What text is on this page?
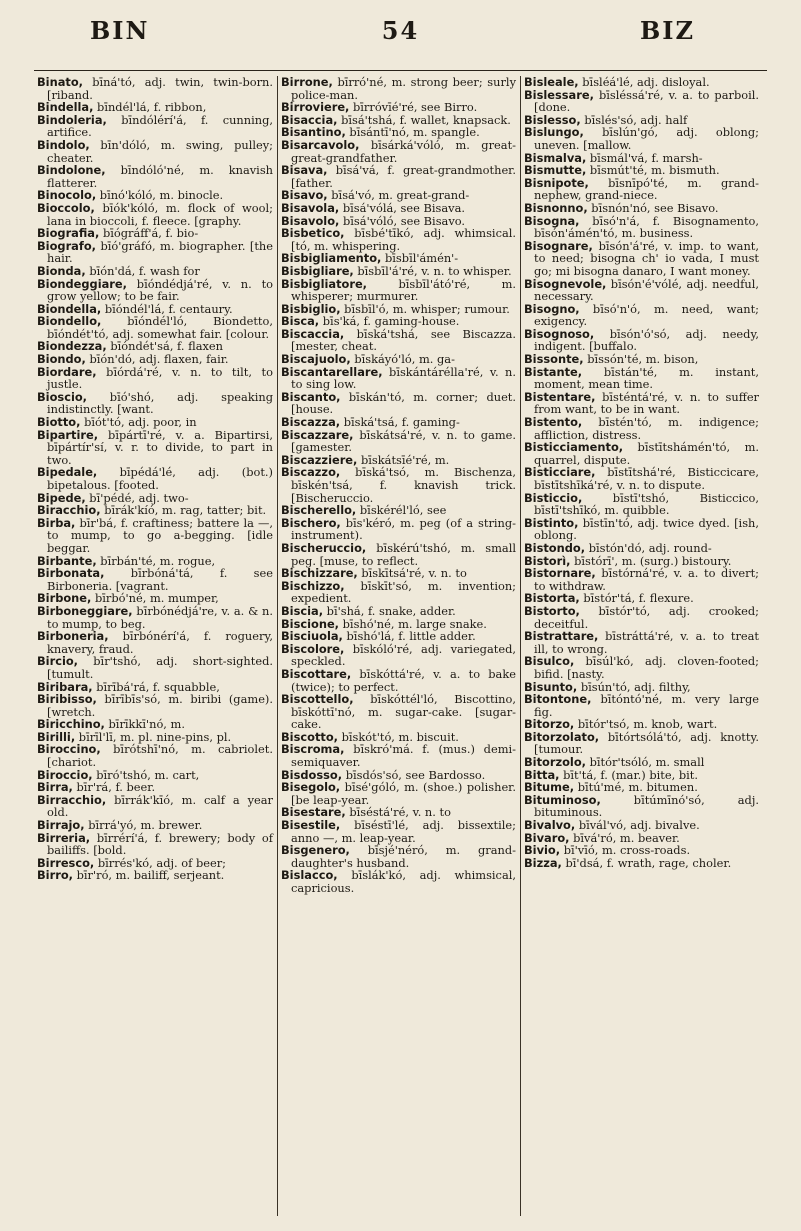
BIN	54	BIZ
Binato, bīná'tó, adj. twin, twin-born. [riband.
Bindella, bīndél'lá, f. ribbon,
Bindoleria, bīndólérí'á, f. cunning, artifice.
Bindolo, bīn'dóló, m. swing, pulley; cheater.
Bindolone, bīndóló'né, m. knavish flatterer.
Binocolo, bīnó'kóló, m. binocle.
Bioccolo, bīók'kóló, m. flock of wool; lana in bioccoli, f. fleece. [graphy.
Biografia, bīógráff'á, f. bio-
Biografo, bīó'gráfó, m. biographer. [the hair.
Bionda, bīón'dá, f. wash for
Biondeggiare, bīóndédjá'ré, v. n. to grow yellow; to be fair.
Biondella, bīóndél'lá, f. centaury.
Biondello, bīóndél'ló, Biondetto, bīóndét'tó, adj. somewhat fair. [colour.
Biondezza, bīóndét'sá, f. flaxen
Biondo, bīón'dó, adj. flaxen, fair.
Biordare, bīórdá'ré, v. n. to tilt, to justle.
Bioscio, bīó'shó, adj. speaking indistinctly. [want.
Biotto, bīót'tó, adj. poor, in
Bipartire, bīpártī'ré, v. a. Bipartirsi, bīpártír'sí, v. r. to divide, to part in two.
Bipedale, bīpédá'lé, adj. (bot.) bipetalous. [footed.
Bipede, bī'pédé, adj. two-
Biracchio, bīrák'kíó, m. rag, tatter; bit.
Birba, bīr'bá, f. craftiness; battere la —, to mump, to go a-begging. [idle beggar.
Birbante, bīrbán'té, m. rogue,
Birbonata, bīrbóná'tá, f. see Birboneria. [vagrant.
Birbone, bīrbó'né, m. mumper,
Birboneggiare, bīrbónédjá're, v. a. & n. to mump, to beg.
Birboneria, bīrbónérí'á, f. roguery, knavery, fraud.
Bircio, bīr'tshó, adj. short-sighted. [tumult.
Biribara, bīrībá'rá, f. squabble,
Biribisso, bīrībīs'só, m. biribi (game). [wretch.
Biricchino, bīrīkkī'nó, m.
Birilli, bīrīl'lī, m. pl. nine-pins, pl.
Biroccino, bīrótshī'nó, m. cabriolet. [chariot.
Biroccio, bīró'tshó, m. cart,
Birra, bīr'rá, f. beer.
Birracchio, bīrrák'kīó, m. calf a year old.
Birrajo, bīrrá'yó, m. brewer.
Birreria, bīrrérí'á, f. brewery; body of bailiffs. [bold.
Birresco, bīrrés'kó, adj. of beer;
Birro, bīr'ró, m. bailiff, serjeant.
Birrone, bīrró'né, m. strong beer; surly police-man.
Birroviere, bīrróvīé'ré, see Birro.
Bisaccia, bīsá'tshá, f. wallet, knapsack.
Bisantino, bīsántī'nó, m. spangle.
Bisarcavolo, bīsárká'vóló, m. great-great-grandfather.
Bisava, bīsá'vá, f. great-grandmother. [father.
Bisavo, bīsá'vó, m. great-grand-
Bisavola, bīsá'vólá, see Bisava.
Bisavolo, bīsá'vóló, see Bisavo.
Bisbetico, bīsbé'tīkó, adj. whimsical. [tó, m. whispering.
Bisbigliamento, bīsbīl'ámén'-
Bisbigliare, bīsbīl'á'ré, v. n. to whisper.
Bisbigliatore,	bīsbīl'átó'ré, m. whisperer; murmurer.
Bisbiglio, bīsbīl'ó, m. whisper; rumour.
Bisca, bīs'ká, f. gaming-house.
Biscaccia, bīská'tshá, see Biscazza. [mester, cheat.
Biscajuolo, bīskáyó'ló, m. ga-
Biscantarellare, bīskántárélla'ré, v. n. to sing low.
Biscanto, bīskán'tó, m. corner; duet. [house.
Biscazza, bīská'tsá, f. gaming-
Biscazzare, bīskátsá'ré, v. n. to game. [gamester.
Biscazziere, bīskátsīé'ré, m.
Biscazzo, bīská'tsó, m. Bischenza, bīskén'tsá, f. knavish trick. [Bischeruccio.
Bischerello, bīskérél'ló, see
Bischero, bīs'kéró, m. peg (of a string-instrument).
Bischeruccio, bīskérú'tshó, m. small peg. [muse, to reflect.
Bischizzare, bīskītsá'ré, v. n. to
Bischizzo, bīskīt'só, m. invention; expedient.
Biscia, bī'shá, f. snake, adder.
Biscione, bīshó'né, m. large snake.
Bisciuola, bīshó'lá, f. little adder.
Biscolore, bīskóló'ré, adj. variegated, speckled.
Biscottare, bīskóttá'ré, v. a. to bake (twice); to perfect.
Biscottello, bīskóttél'ló, Biscottino, bīskóttī'nó, m. sugar-cake. [sugar-cake.
Biscotto, bīskót'tó, m. biscuit.
Biscroma, bīskró'má. f. (mus.) demi-semiquaver.
Bisdosso, bīsdós'só, see Bardosso.
Bisegolo, bīsé'góló, m. (shoe.) polisher. [be leap-year.
Bisestare, bīséstá'ré, v. n. to
Bisestile, bīséstī'lé, adj. bissextile; anno —, m. leap-year.
Bisgenero, bīsjé'néró, m. grand-daughter's husband.
Bislacco, bīslák'kó, adj. whimsical, capricious.
Bisleale, bīsléá'lé, adj. disloyal.
Bislessare, bīsléssá'ré, v. a. to parboil. [done.
Bislesso, bīslés'só, adj. half
Bislungo, bīslún'gó, adj. oblong; uneven. [mallow.
Bismalva, bīsmál'vá, f. marsh-
Bismutte, bīsmút'té, m. bismuth.
Bisnipote, bīsnīpó'té, m. grand-nephew, grand-niece.
Bisnonno, bīsnón'nó, see Bisavo.
Bisogna, bīsó'n'á, f. Bisognamento, bīsón'ámén'tó, m. business.
Bisognare, bīsón'á'ré, v. imp. to want, to need; bisogna ch' io vada, I must go; mi bisogna danaro, I want money.
Bisognevole, bīsón'é'vólé, adj. needful, necessary.
Bisogno, bīsó'n'ó, m. need, want; exigency.
Bisognoso, bīsón'ó'só, adj. needy, indigent. [buffalo.
Bissonte, bīssón'té, m. bison,
Bistante, bīstán'té, m. instant, moment, mean time.
Bistentare, bīsténtá'ré, v. n. to suffer from want, to be in want.
Bistento, bīstén'tó, m. indigence; affliction, distress.
Bisticciamento, bīstītshámén'tó, m. quarrel, dispute.
Bisticciare, bīstītshá'ré, Bisticcicare, bīstītshīká'ré, v. n. to dispute.
Bisticcio,	bīstī'tshó, Bisticcico, bīstī'tshīkó, m. quibble.
Bistinto, bīstīn'tó, adj. twice dyed. [ish, oblong.
Bistondo, bīstón'dó, adj. round-
Bistorì, bīstórī', m. (surg.) bistoury.
Bistornare, bīstórná'ré, v. a. to divert; to withdraw.
Bistorta, bīstór'tá, f. flexure.
Bistorto, bīstór'tó, adj. crooked; deceitful.
Bistrattare, bīstráttá'ré, v. a. to treat ill, to wrong.
Bisulco, bīsúl'kó, adj. cloven-footed; bifid. [nasty.
Bisunto, bīsún'tó, adj. filthy,
Bitontone, bītóntó'né, m. very large fig.
Bitorzo, bītór'tsó, m. knob, wart.
Bitorzolato, bītórtsólá'tó, adj. knotty. [tumour.
Bitorzolo, bītór'tsóló, m. small
Bitta, bīt'tá, f. (mar.) bite, bit.
Bitume, bītú'mé, m. bitumen.
Bituminoso,	bītúmīnó'só, adj. bituminous.
Bivalvo, bīvál'vó, adj. bivalve.
Bivaro, bīvá'ró, m. beaver.
Bivio, bī'vīó, m. cross-roads.
Bizza, bī'dsá, f. wrath, rage, choler.
